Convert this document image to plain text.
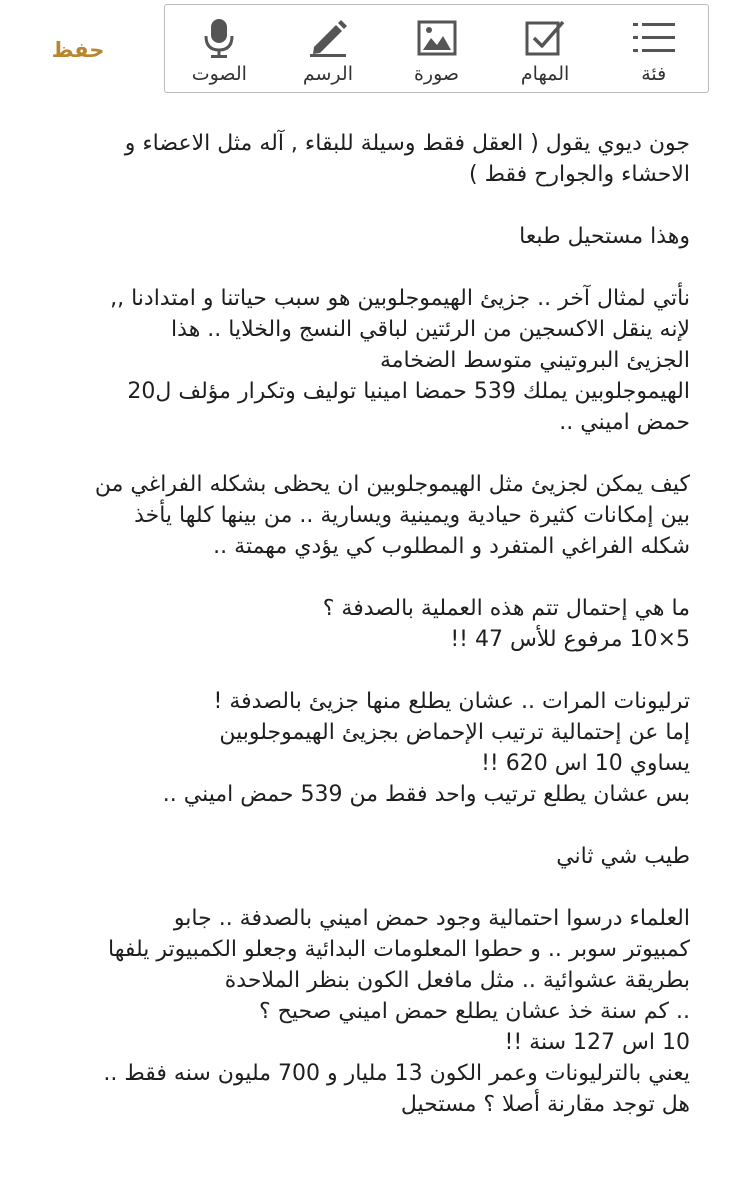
حفظ
فئة
المهام
صورة
الرسم
الصوت
جون ديوي يقول ( العقل فقط وسيلة للبقاء , آله مثل الاعضاء و
الاحشاء والجوارح فقط )
وهذا مستحيل طبعا
نأتي لمثال آخر .. جزيئ الهيموجلوبين هو سبب حياتنا و امتدادنا ,,
لإنه ينقل الاكسجين من الرئتين لباقي النسج والخلايا .. هذا
الجزيئ البروتيني متوسط الضخامة
الهيموجلوبين يملك 539 حمضا امينيا توليف وتكرار مؤلف ل20
حمض اميني ..
كيف يمكن لجزيئ مثل الهيموجلوبين ان يحظى بشكله الفراغي من
بين إمكانات كثيرة حيادية ويمينية ويسارية .. من بينها كلها يأخذ
شكله الفراغي المتفرد و المطلوب كي يؤدي مهمتة ..
ما هي إحتمال تتم هذه العملية بالصدفة ؟
5×10 مرفوع للأس 47 !!
ترليونات المرات .. عشان يطلع منها جزيئ بالصدفة !
إما عن إحتمالية ترتيب الإحماض بجزيئ الهيموجلوبين
يساوي 10 اس 620 !!
بس عشان يطلع ترتيب واحد فقط من 539 حمض اميني ..
طيب شي ثاني
العلماء درسوا احتمالية وجود حمض اميني بالصدفة .. جابو
كمبيوتر سوبر .. و حطوا المعلومات البدائية وجعلو الكمبيوتر يلفها
بطريقة عشوائية .. مثل مافعل الكون بنظر الملاحدة
.. كم سنة خذ عشان يطلع حمض اميني صحيح ؟
10 اس 127 سنة !!
يعني بالترليونات وعمر الكون 13 مليار و 700 مليون سنه فقط ..
هل توجد مقارنة أصلا ؟ مستحيل
